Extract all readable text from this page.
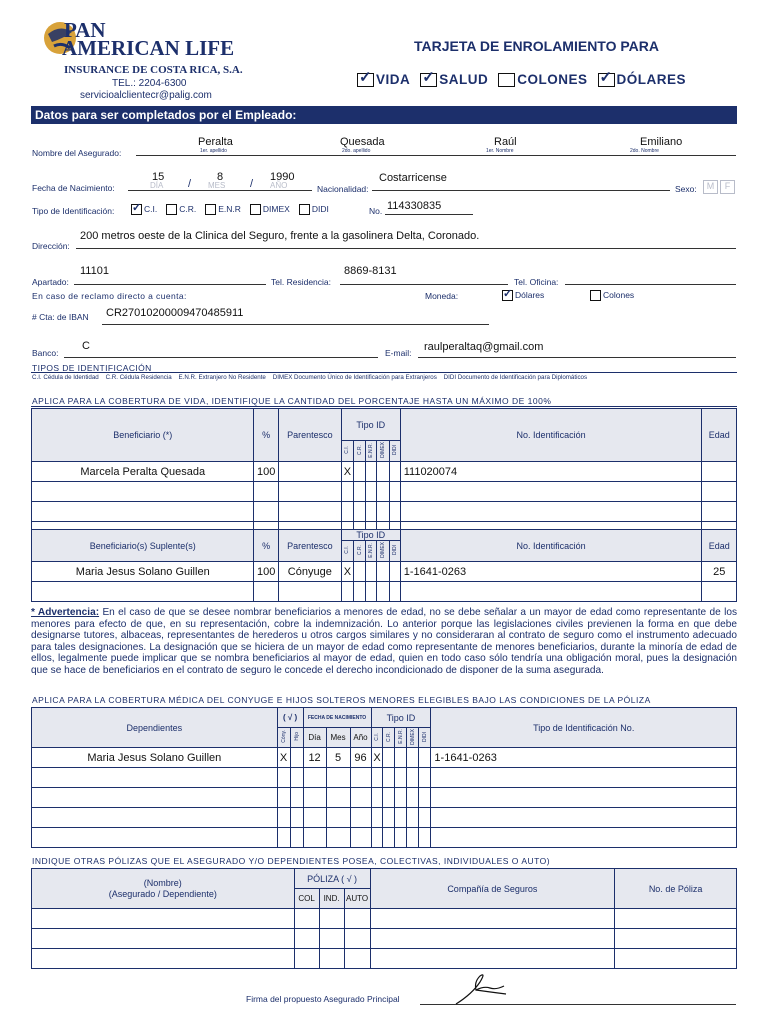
PAN
AMERICAN LIFE
INSURANCE DE COSTA RICA, S.A.
TEL.: 2204-6300
servicioalclientecr@palig.com
TARJETA DE ENROLAMIENTO PARA
✓VIDA ✓	SALUD	COLONES ✓	DÓLARES
Datos para ser completados por el Empleado:
Nombre del Asegurado:
Peralta
1er. apellido
Quesada
2do. apellido
Raúl
1er. Nombre
Emiliano
2do. Nombre
Fecha de Nacimiento:
15
DÍA /
8
MES /
1990
AÑO	Nacionalidad:
Costarricense
Sexo:	M	F
Tipo de Identificación: ✓	C.I.	C.R.	E.N.R	DIMEX	DIDI	No. 114330835
Dirección:
200 metros oeste de la Clinica del Seguro, frente a la gasolinera Delta, Coronado.
Apartado:
11101
Tel. Residencia:
8869-8131
Tel. Oficina:
En caso de reclamo directo a cuenta:	Moneda: ✓	Dólares	Colones
# Cta: de IBAN CR27010200009470485911
Banco:
C
E-mail: raulperaltaq@gmail.com
TIPOS DE IDENTIFICACIÓN
C.I. Cédula de Identidad    C.R. Cédula Residencia    E.N.R. Extranjero No Residente    DIMEX Documento Único de Identificación para Extranjeros    DIDI Documento de Identificación para Diplomáticos
APLICA PARA LA COBERTURA DE VIDA, IDENTIFIQUE LA CANTIDAD DEL PORCENTAJE HASTA UN MÁXIMO DE 100%
Beneficiario (*)	%	Parentesco	Tipo ID					No. Identificación	Edad
			C.I.	C.R.	E.N.R.	DIMEX	DIDI		
Marcela Peralta Quesada	100		X					111020074	

Beneficiario(s) Suplente(s)	%	Parentesco	Tipo ID					No. Identificación	Edad
			C.I.	C.R.	E.N.R.	DIMEX	DIDI		
Maria Jesus Solano Guillen	100	Cónyuge	X					1-1641-0263	25

* Advertencia: En el caso de que se desee nombrar beneficiarios a menores de edad, no se debe señalar a un mayor de edad como representante de los menores para efecto de que, en su representación, cobre la indemnización. Lo anterior porque las legislaciones civiles previenen la forma en que debe designarse tutores, albaceas, representantes de herederos u otros cargos similares y no consideraran al contrato de seguro como el instrumento adecuado para tales designaciones. La designación que se hiciera de un mayor de edad como representante de menores beneficiarios, durante la minoría de edad de ellos, legalmente puede implicar que se nombra beneficiarios al mayor de edad, quien en todo caso sólo tendría una obligación moral, pues la designación que se hace de beneficiarios en el contrato de seguro le concede el derecho incondicionado de disponer de la suma asegurada.
APLICA PARA LA COBERTURA MÉDICA DEL CONYUGE E HIJOS SOLTEROS MENORES ELEGIBLES BAJO LAS CONDICIONES DE LA PÓLIZA
Dependientes	( √ )		FECHA DE NACIMIENTO			Tipo ID					Tipo de Identificación No.
	Cóny.	Hijo	Día	Mes	Año	C.I.	C.R.	E.N.R.	DIMEX	DIDI	
Maria Jesus Solano Guillen	X		12	5	96	X					1-1641-0263

INDIQUE OTRAS PÓLIZAS QUE EL ASEGURADO Y/O DEPENDIENTES POSEA, COLECTIVAS, INDIVIDUALES O AUTO)
(Nombre)
(Asegurado / Dependiente)	PÓLIZA ( √ )			Compañía de Seguros	No. de Póliza
	COL	IND.	AUTO		

Firma del propuesto Asegurado Principal
